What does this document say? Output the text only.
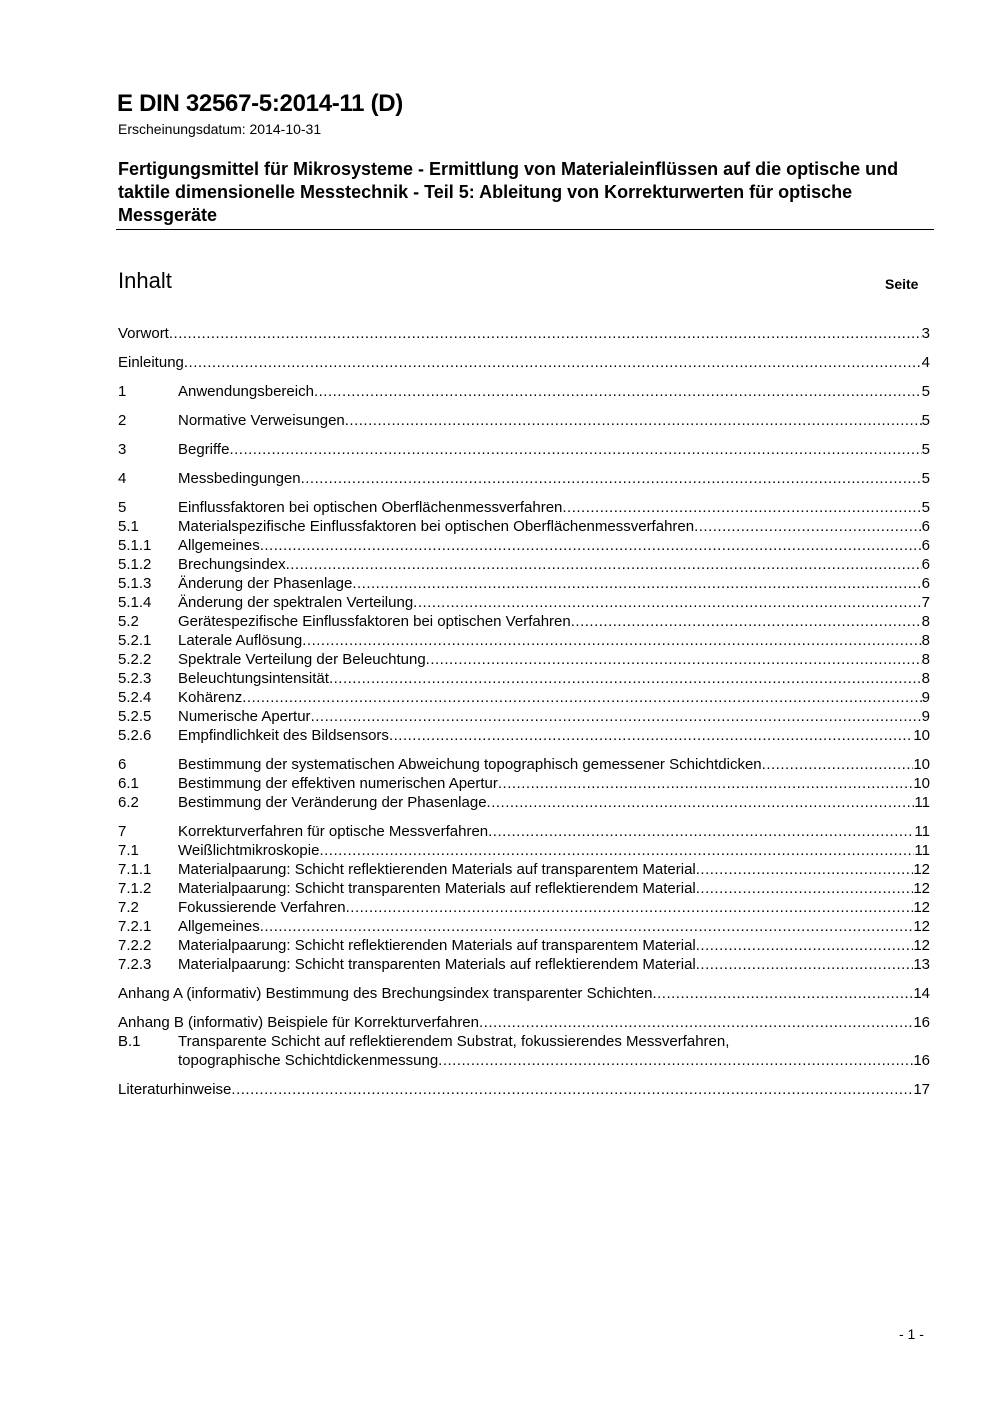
E DIN 32567-5:2014-11 (D)
Erscheinungsdatum: 2014-10-31
Fertigungsmittel für Mikrosysteme - Ermittlung von Materialeinflüssen auf die optische und taktile dimensionelle Messtechnik - Teil 5: Ableitung von Korrekturwerten für optische Messgeräte
Inhalt	Seite
Vorwort .....	3
Einleitung .....	4
1	Anwendungsbereich .....	5
2	Normative Verweisungen .....	5
3	Begriffe .....	5
4	Messbedingungen .....	5
5	Einflussfaktoren bei optischen Oberflächenmessverfahren .....	5
5.1	Materialspezifische Einflussfaktoren bei optischen Oberflächenmessverfahren .....	6
5.1.1	Allgemeines .....	6
5.1.2	Brechungsindex .....	6
5.1.3	Änderung der Phasenlage .....	6
5.1.4	Änderung der spektralen Verteilung .....	7
5.2	Gerätespezifische Einflussfaktoren bei optischen Verfahren .....	8
5.2.1	Laterale Auflösung .....	8
5.2.2	Spektrale Verteilung der Beleuchtung .....	8
5.2.3	Beleuchtungsintensität .....	8
5.2.4	Kohärenz .....	9
5.2.5	Numerische Apertur .....	9
5.2.6	Empfindlichkeit des Bildsensors .....	10
6	Bestimmung der systematischen Abweichung topographisch gemessener Schichtdicken .....	10
6.1	Bestimmung der effektiven numerischen Apertur .....	10
6.2	Bestimmung der Veränderung der Phasenlage .....	11
7	Korrekturverfahren für optische Messverfahren .....	11
7.1	Weißlichtmikroskopie .....	11
7.1.1	Materialpaarung: Schicht reflektierenden Materials auf transparentem Material .....	12
7.1.2	Materialpaarung: Schicht transparenten Materials auf reflektierendem Material .....	12
7.2	Fokussierende Verfahren .....	12
7.2.1	Allgemeines .....	12
7.2.2	Materialpaarung: Schicht reflektierenden Materials auf transparentem Material .....	12
7.2.3	Materialpaarung: Schicht transparenten Materials auf reflektierendem Material .....	13
Anhang A (informativ) Bestimmung des Brechungsindex transparenter Schichten .....	14
Anhang B (informativ) Beispiele für Korrekturverfahren .....	16
B.1	Transparente Schicht auf reflektierendem Substrat, fokussierendes Messverfahren,
topographische Schichtdickenmessung .....	16
Literaturhinweise .....	17
- 1 -
